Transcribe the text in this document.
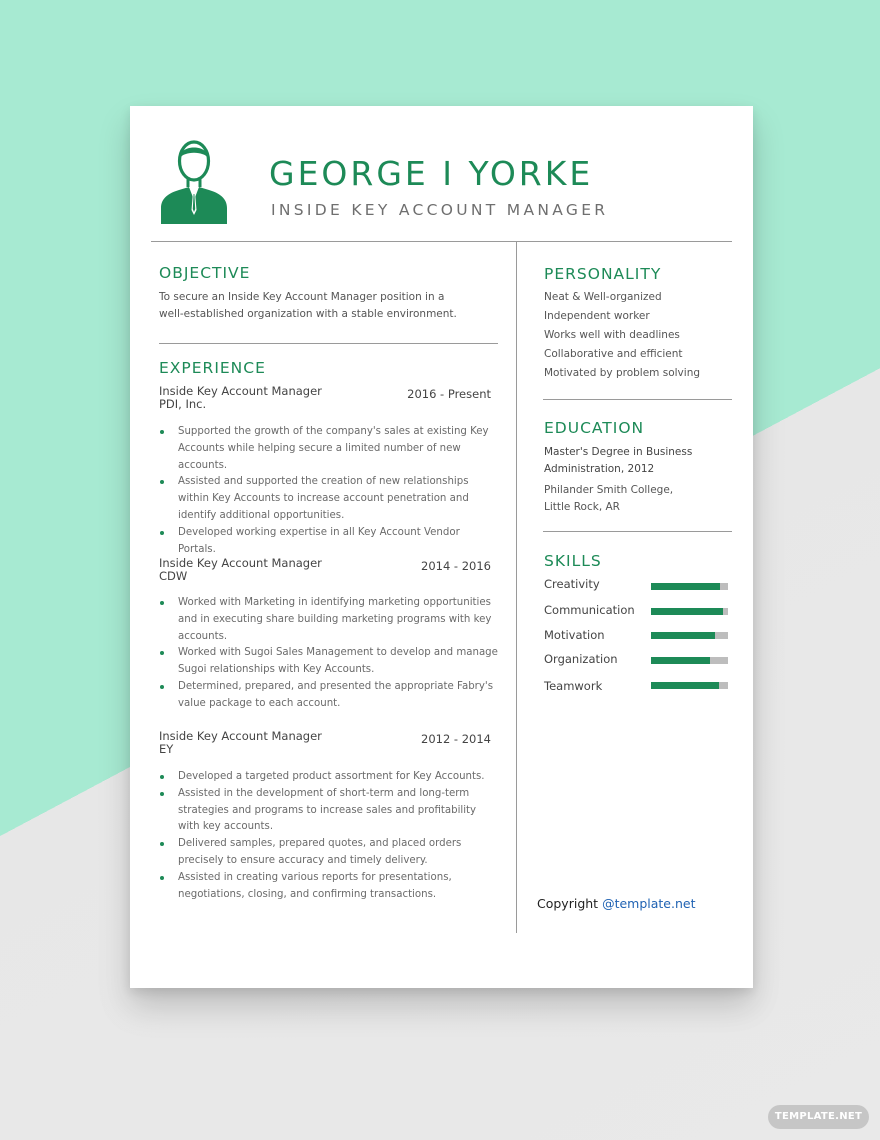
GEORGE I YORKE
INSIDE KEY ACCOUNT MANAGER
OBJECTIVE
To secure an Inside Key Account Manager position in a
well-established organization with a stable environment.
EXPERIENCE
Inside Key Account Manager
PDI, Inc.
2016 - Present
Supported the growth of the company's sales at existing Key Accounts while helping secure a limited number of new accounts.
Assisted and supported the creation of new relationships within Key Accounts to increase account penetration and identify additional opportunities.
Developed working expertise in all Key Account Vendor Portals.
Inside Key Account Manager
CDW
2014 - 2016
Worked with Marketing in identifying marketing opportunities and in executing share building marketing programs with key accounts.
Worked with Sugoi Sales Management to develop and manage Sugoi relationships with Key Accounts.
Determined, prepared, and presented the appropriate Fabry's value package to each account.
Inside Key Account Manager
EY
2012 - 2014
Developed a targeted product assortment for Key Accounts.
Assisted in the development of short-term and long-term strategies and programs to increase sales and profitability with key accounts.
Delivered samples, prepared quotes, and placed orders precisely to ensure accuracy and timely delivery.
Assisted in creating various reports for presentations, negotiations, closing, and confirming transactions.
PERSONALITY
Neat & Well-organized
Independent worker
Works well with deadlines
Collaborative and efficient
Motivated by problem solving
EDUCATION
Master's Degree in Business
Administration, 2012
Philander Smith College,
Little Rock, AR
SKILLS
Creativity
Communication
Motivation
Organization
Teamwork
Copyright @template.net
TEMPLATE.NET
